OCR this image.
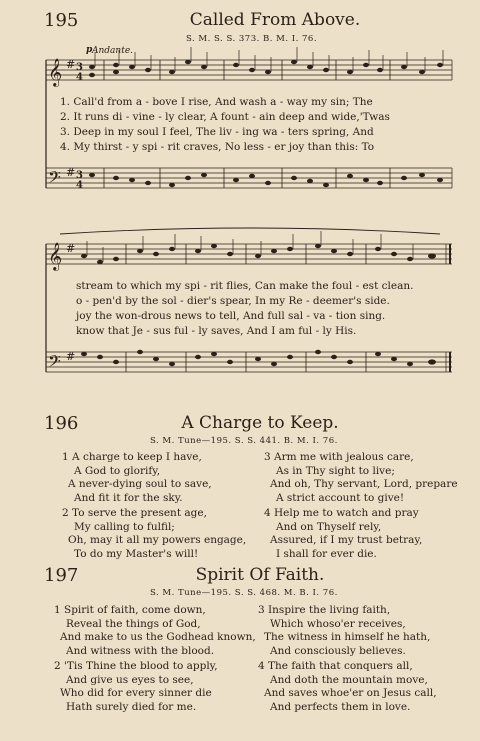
195	Called From Above.
S. M. S. S. 373. B. M. I. 76.
Andante.
𝄞
𝄢
𝄞
𝄢
#
#
#
#
3
4
3
4
p
1. Call'd from a - bove I rise, And wash a - way my sin; The
2. It runs di - vine - ly clear, A fount - ain deep and wide,'Twas
3. Deep in my soul I feel, The liv - ing wa - ters spring, And
4. My thirst - y spi - rit craves, No less - er joy than this: To
stream to which my spi - rit flies, Can make the foul - est clean.
o - pen'd by the sol - dier's spear, In my Re - deemer's side.
joy the won-drous news to tell, And full sal - va - tion sing.
know that Je - sus ful - ly saves, And I am ful - ly His.
196	A Charge to Keep.
S. M. Tune—195. S. S. 441. B. M. I. 76.
1 A charge to keep I have,
A God to glorify,
A never-dying soul to save,
And fit it for the sky.
3 Arm me with jealous care,
As in Thy sight to live;
And oh, Thy servant, Lord, prepare
A strict account to give!
2 To serve the present age,
My calling to fulfil;
Oh, may it all my powers engage,
To do my Master's will!
4 Help me to watch and pray
And on Thyself rely,
Assured, if I my trust betray,
I shall for ever die.
197	Spirit Of Faith.
S. M. Tune—195. S. S. 468. M. B. I. 76.
1 Spirit of faith, come down,
Reveal the things of God,
And make to us the Godhead known,
And witness with the blood.
3 Inspire the living faith,
Which whoso'er receives,
The witness in himself he hath,
And consciously believes.
2 'Tis Thine the blood to apply,
And give us eyes to see,
Who did for every sinner die
Hath surely died for me.
4 The faith that conquers all,
And doth the mountain move,
And saves whoe'er on Jesus call,
And perfects them in love.
